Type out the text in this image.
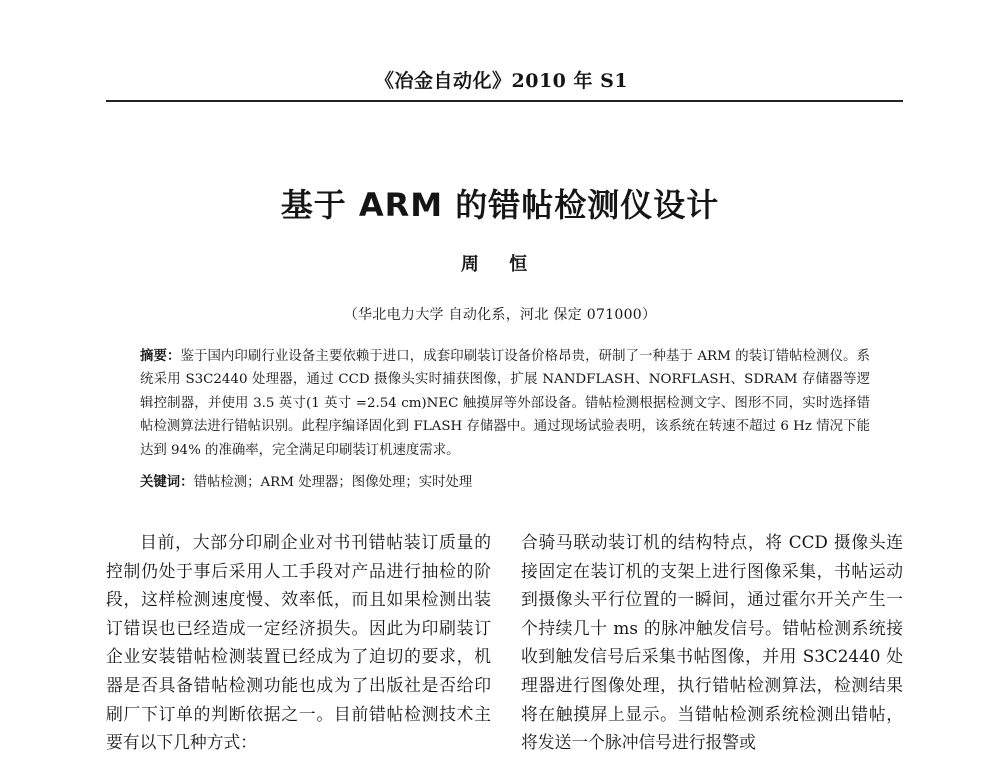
《冶金自动化》2010 年 S1
基于 ARM 的错帖检测仪设计
周 恒
（华北电力大学 自动化系，河北 保定 071000）
摘要：鉴于国内印刷行业设备主要依赖于进口，成套印刷装订设备价格昂贵，研制了一种基于 ARM 的装订错帖检测仪。系统采用 S3C2440 处理器，通过 CCD 摄像头实时捕获图像，扩展 NANDFLASH、NORFLASH、SDRAM 存储器等逻辑控制器，并使用 3.5 英寸(1 英寸 =2.54 cm)NEC 触摸屏等外部设备。错帖检测根据检测文字、图形不同，实时选择错帖检测算法进行错帖识别。此程序编译固化到 FLASH 存储器中。通过现场试验表明，该系统在转速不超过 6 Hz 情况下能达到 94% 的准确率，完全满足印刷装订机速度需求。
关键词：错帖检测；ARM 处理器；图像处理；实时处理

目前，大部分印刷企业对书刊错帖装订质量的控制仍处于事后采用人工手段对产品进行抽检的阶段，这样检测速度慢、效率低，而且如果检测出装订错误也已经造成一定经济损失。因此为印刷装订企业安装错帖检测装置已经成为了迫切的要求，机器是否具备错帖检测功能也成为了出版社是否给印刷厂下订单的判断依据之一。目前错帖检测技术主要有以下几种方式：

合骑马联动装订机的结构特点，将 CCD 摄像头连接固定在装订机的支架上进行图像采集，书帖运动到摄像头平行位置的一瞬间，通过霍尔开关产生一个持续几十 ms 的脉冲触发信号。错帖检测系统接收到触发信号后采集书帖图像，并用 S3C2440 处理器进行图像处理，执行错帖检测算法，检测结果将在触摸屏上显示。当错帖检测系统检测出错帖，将发送一个脉冲信号进行报警或
